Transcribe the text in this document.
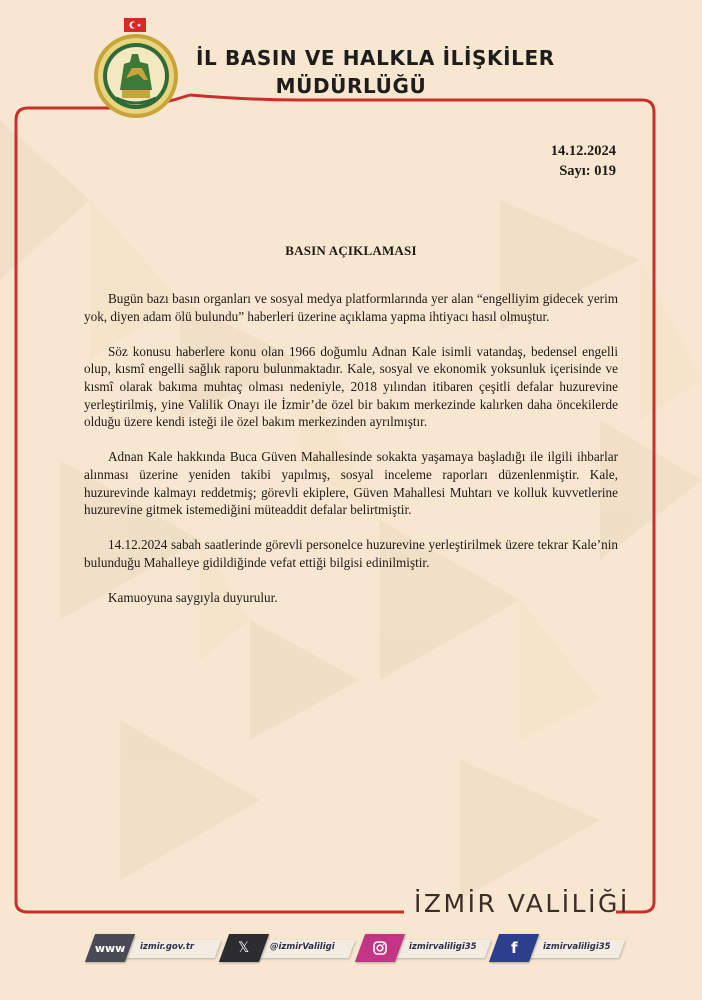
İL BASIN VE HALKLA İLİŞKİLER
MÜDÜRLÜĞÜ
14.12.2024
Sayı: 019
BASIN AÇIKLAMASI

Bugün bazı basın organları ve sosyal medya platformlarında yer alan “engelliyim gidecek yerim yok, diyen adam ölü bulundu” haberleri üzerine açıklama yapma ihtiyacı hasıl olmuştur.

Söz konusu haberlere konu olan 1966 doğumlu Adnan Kale isimli vatandaş, bedensel engelli olup, kısmî engelli sağlık raporu bulunmaktadır. Kale, sosyal ve ekonomik yoksunluk içerisinde ve kısmî olarak bakıma muhtaç olması nedeniyle, 2018 yılından itibaren çeşitli defalar huzurevine yerleştirilmiş, yine Valilik Onayı ile İzmir’de özel bir bakım merkezinde kalırken daha öncekilerde olduğu üzere kendi isteği ile özel bakım merkezinden ayrılmıştır.

Adnan Kale hakkında Buca Güven Mahallesinde sokakta yaşamaya başladığı ile ilgili ihbarlar alınması üzerine yeniden takibi yapılmış, sosyal inceleme raporları düzenlenmiştir. Kale, huzurevinde kalmayı reddetmiş; görevli ekiplere, Güven Mahallesi Muhtarı ve kolluk kuvvetlerine huzurevine gitmek istemediğini müteaddit defalar belirtmiştir.

14.12.2024 sabah saatlerinde görevli personelce huzurevine yerleştirilmek üzere tekrar Kale’nin bulunduğu Mahalleye gidildiğinde vefat ettiği bilgisi edinilmiştir.

Kamuoyuna saygıyla duyurulur.

İZMİR VALİLİĞİ
www izmir.gov.tr	𝕏 @izmirValiligi	izmirvaliligi35 f	izmirvaliligi35
